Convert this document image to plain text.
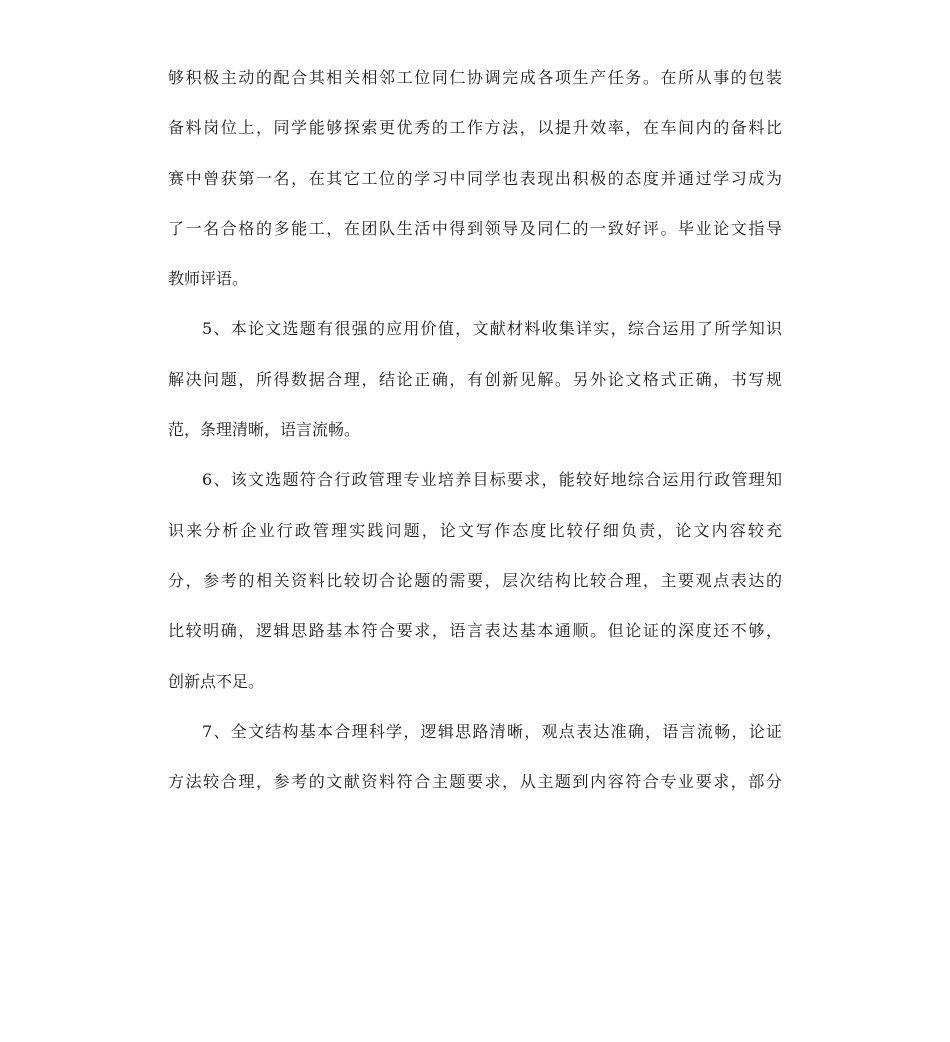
够积极主动的配合其相关相邻工位同仁协调完成各项生产任务。在所从事的包装
备料岗位上，同学能够探索更优秀的工作方法，以提升效率，在车间内的备料比
赛中曾获第一名，在其它工位的学习中同学也表现出积极的态度并通过学习成为
了一名合格的多能工，在团队生活中得到领导及同仁的一致好评。毕业论文指导
教师评语。
5、本论文选题有很强的应用价值，文献材料收集详实，综合运用了所学知识
解决问题，所得数据合理，结论正确，有创新见解。另外论文格式正确，书写规
范，条理清晰，语言流畅。
6、该文选题符合行政管理专业培养目标要求，能较好地综合运用行政管理知
识来分析企业行政管理实践问题，论文写作态度比较仔细负责，论文内容较充
分，参考的相关资料比较切合论题的需要，层次结构比较合理，主要观点表达的
比较明确，逻辑思路基本符合要求，语言表达基本通顺。但论证的深度还不够，
创新点不足。
7、全文结构基本合理科学，逻辑思路清晰，观点表达准确，语言流畅，论证
方法较合理，参考的文献资料符合主题要求，从主题到内容符合专业要求，部分
